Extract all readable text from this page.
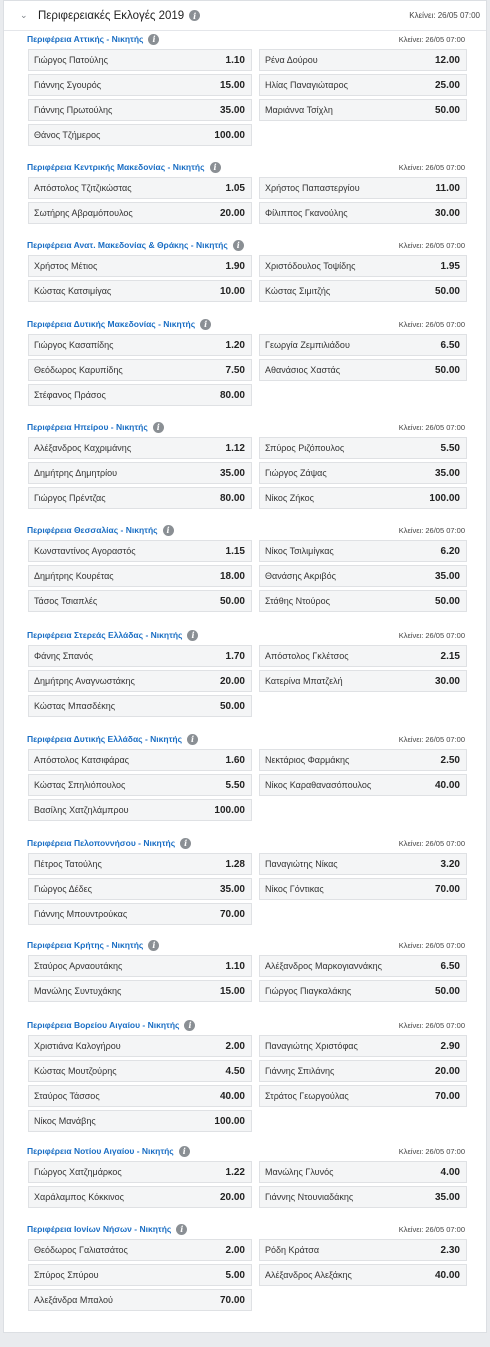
⌄ Περιφερειακές Εκλογές 2019	i	Κλείνει: 26/05 07:00
Περιφέρεια Αττικής - Νικητής	i	Κλείνει: 26/05 07:00
Γιώργος Πατούλης	1.10 Ρένα Δούρου	12.00
Γιάννης Σγουρός	15.00 Ηλίας Παναγιώταρος	25.00
Γιάννης Πρωτούλης	35.00 Μαριάννα Τσίχλη	50.00
Θάνος Τζήμερος	100.00
Περιφέρεια Κεντρικής Μακεδονίας - Νικητής	i	Κλείνει: 26/05 07:00
Απόστολος Τζιτζικώστας	1.05 Χρήστος Παπαστεργίου	11.00
Σωτήρης Αβραμόπουλος	20.00 Φίλιππος Γκανούλης	30.00
Περιφέρεια Ανατ. Μακεδονίας & Θράκης - Νικητής	i	Κλείνει: 26/05 07:00
Χρήστος Μέτιος	1.90 Χριστόδουλος Τοψίδης	1.95
Κώστας Κατσιμίγας	10.00 Κώστας Σιμιτζής	50.00
Περιφέρεια Δυτικής Μακεδονίας - Νικητής	i	Κλείνει: 26/05 07:00
Γιώργος Κασαπίδης	1.20 Γεωργία Ζεμπιλιάδου	6.50
Θεόδωρος Καρυπίδης	7.50 Αθανάσιος Χαστάς	50.00
Στέφανος Πράσος	80.00
Περιφέρεια Ηπείρου - Νικητής	i	Κλείνει: 26/05 07:00
Αλέξανδρος Καχριμάνης	1.12 Σπύρος Ριζόπουλος	5.50
Δημήτρης Δημητρίου	35.00 Γιώργος Ζάψας	35.00
Γιώργος Πρέντζας	80.00 Νίκος Ζήκος	100.00
Περιφέρεια Θεσσαλίας - Νικητής	i	Κλείνει: 26/05 07:00
Κωνσταντίνος Αγοραστός	1.15 Νίκος Τσιλιμίγκας	6.20
Δημήτρης Κουρέτας	18.00 Θανάσης Ακριβός	35.00
Τάσος Τσιαπλές	50.00 Στάθης Ντούρος	50.00
Περιφέρεια Στερεάς Ελλάδας - Νικητής	i	Κλείνει: 26/05 07:00
Φάνης Σπανός	1.70 Απόστολος Γκλέτσος	2.15
Δημήτρης Αναγνωστάκης	20.00 Κατερίνα Μπατζελή	30.00
Κώστας Μπασδέκης	50.00
Περιφέρεια Δυτικής Ελλάδας - Νικητής	i	Κλείνει: 26/05 07:00
Απόστολος Κατσιφάρας	1.60 Νεκτάριος Φαρμάκης	2.50
Κώστας Σπηλιόπουλος	5.50 Νίκος Καραθανασόπουλος	40.00
Βασίλης Χατζηλάμπρου	100.00
Περιφέρεια Πελοποννήσου - Νικητής	i	Κλείνει: 26/05 07:00
Πέτρος Τατούλης	1.28 Παναγιώτης Νίκας	3.20
Γιώργος Δέδες	35.00 Νίκος Γόντικας	70.00
Γιάννης Μπουντρούκας	70.00
Περιφέρεια Κρήτης - Νικητής	i	Κλείνει: 26/05 07:00
Σταύρος Αρναουτάκης	1.10 Αλέξανδρος Μαρκογιαννάκης	6.50
Μανώλης Συντυχάκης	15.00 Γιώργος Πιαγκαλάκης	50.00
Περιφέρεια Βορείου Αιγαίου - Νικητής	i	Κλείνει: 26/05 07:00
Χριστιάνα Καλογήρου	2.00 Παναγιώτης Χριστόφας	2.90
Κώστας Μουτζούρης	4.50 Γιάννης Σπιλάνης	20.00
Σταύρος Τάσσος	40.00 Στράτος Γεωργούλας	70.00
Νίκος Μανάβης	100.00
Περιφέρεια Νοτίου Αιγαίου - Νικητής	i	Κλείνει: 26/05 07:00
Γιώργος Χατζημάρκος	1.22 Μανώλης Γλυνός	4.00
Χαράλαμπος Κόκκινος	20.00 Γιάννης Ντουνιαδάκης	35.00
Περιφέρεια Ιονίων Νήσων - Νικητής	i	Κλείνει: 26/05 07:00
Θεόδωρος Γαλιατσάτος	2.00 Ρόδη Κράτσα	2.30
Σπύρος Σπύρου	5.00 Αλέξανδρος Αλεξάκης	40.00
Αλεξάνδρα Μπαλού	70.00
